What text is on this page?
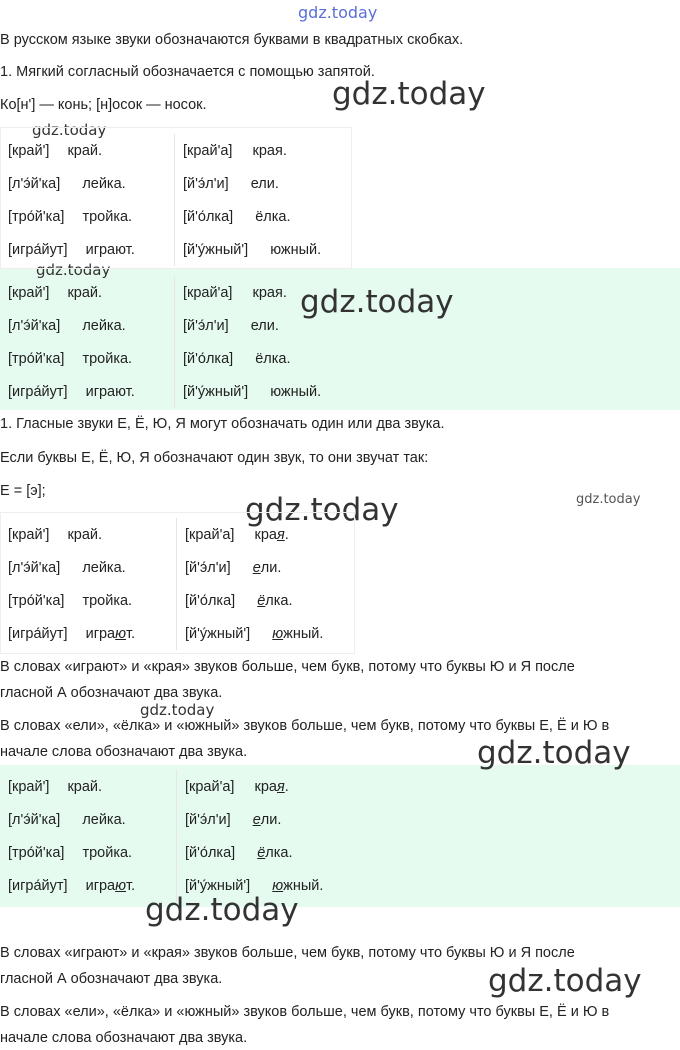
gdz.today
gdz.today
gdz.today
gdz.today
gdz.today
gdz.today	gdz.today
gdz.today
gdz.today
gdz.today
gdz.today
В русском языке звуки обозначаются буквами в квадратных скобках.
1. Мягкий согласный обозначается с помощью запятой.
Ко[н'] — конь; [н]осок — носок.
[край'] край.	[край'а] края.
[л'э́й'ка] лейка.	[й'э́л'и] ели.
[тро́й'ка] тройка.	[й'о́лка] ёлка.
[игра́йут] играют.	[й'у́жный'] южный.
[край'] край.	[край'а] края.
[л'э́й'ка] лейка.	[й'э́л'и] ели.
[тро́й'ка] тройка.	[й'о́лка] ёлка.
[игра́йут] играют.	[й'у́жный'] южный.
1. Гласные звуки Е, Ё, Ю, Я могут обозначать один или два звука.
Если буквы Е, Ё, Ю, Я обозначают один звук, то они звучат так:
Е = [э];
[край'] край.	[край'а] края.
[л'э́й'ка] лейка.	[й'э́л'и] ели.
[тро́й'ка] тройка.	[й'о́лка] ёлка.
[игра́йут] играют.	[й'у́жный'] южный.
В словах «играют» и «края» звуков больше, чем букв, потому что буквы Ю и Я после
гласной А обозначают два звука.
В словах «ели», «ёлка» и «южный» звуков больше, чем букв, потому что буквы Е, Ё и Ю в
начале слова обозначают два звука.
[край'] край.	[край'а] края.
[л'э́й'ка] лейка.	[й'э́л'и] ели.
[тро́й'ка] тройка.	[й'о́лка] ёлка.
[игра́йут] играют.	[й'у́жный'] южный.
В словах «играют» и «края» звуков больше, чем букв, потому что буквы Ю и Я после
гласной А обозначают два звука.
В словах «ели», «ёлка» и «южный» звуков больше, чем букв, потому что буквы Е, Ё и Ю в
начале слова обозначают два звука.
